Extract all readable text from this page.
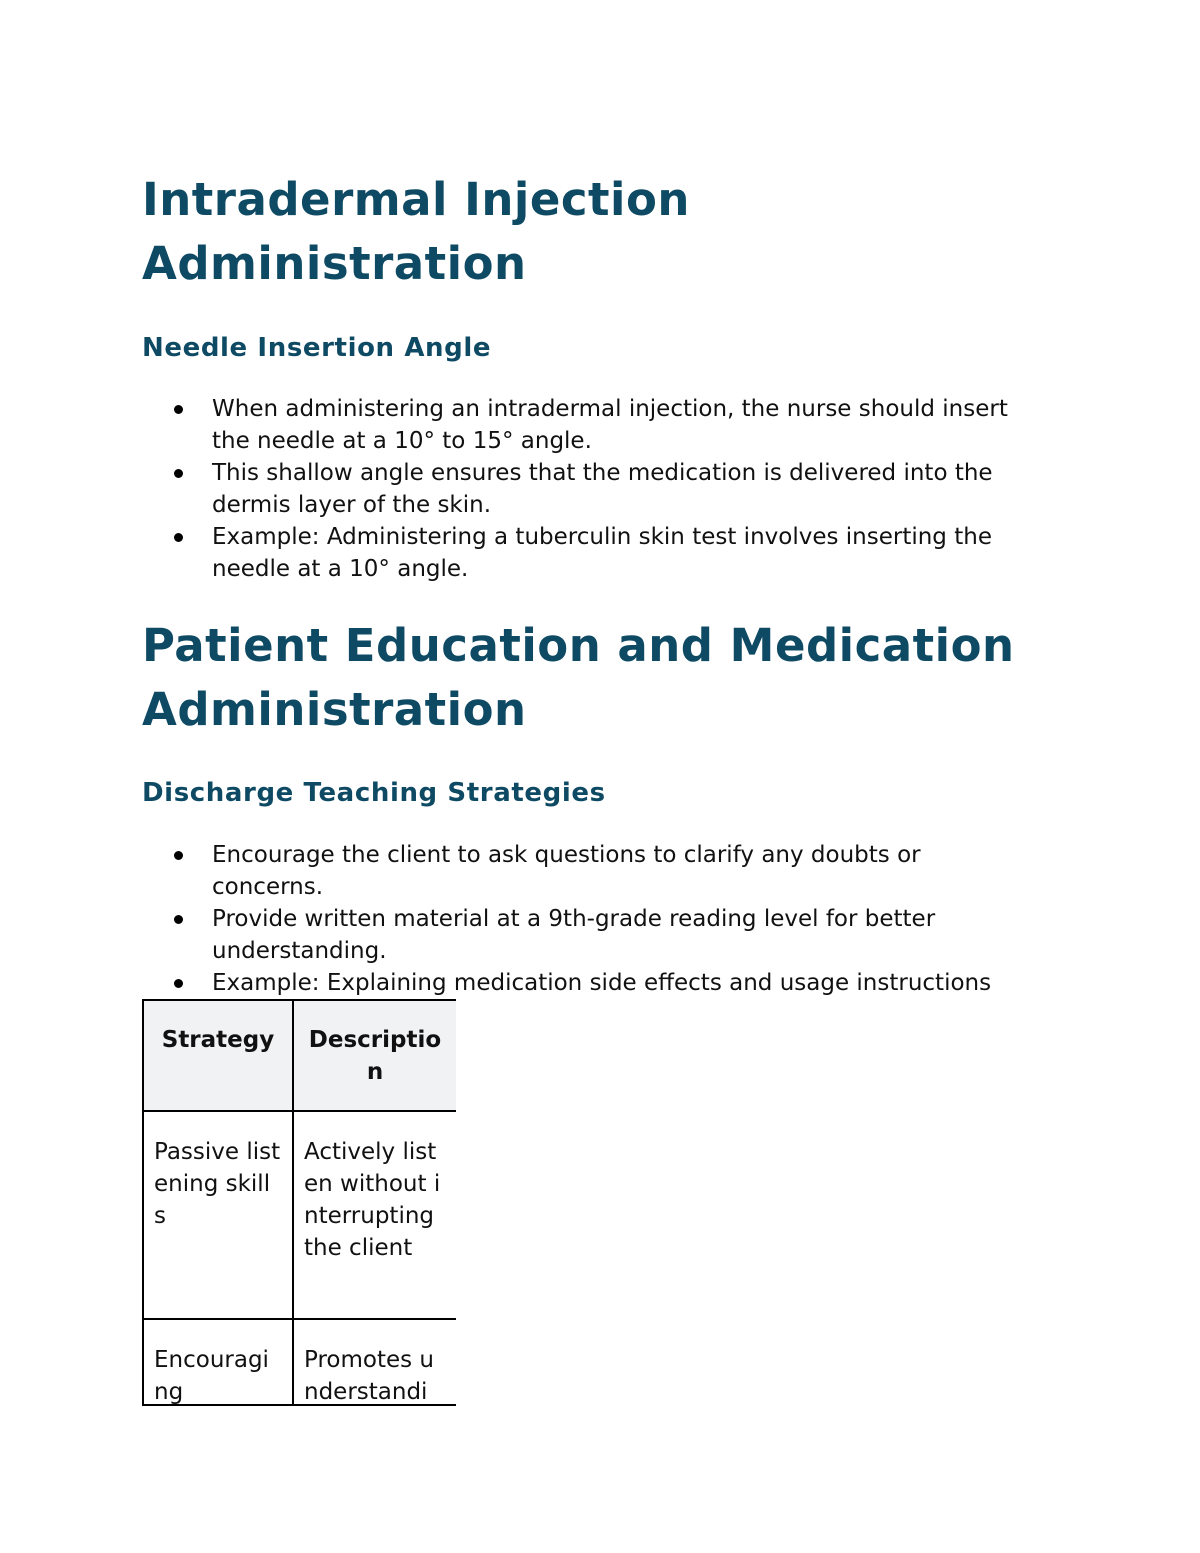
Intradermal Injection Administration
Needle Insertion Angle
When administering an intradermal injection, the nurse should insert the needle at a 10° to 15° angle.
This shallow angle ensures that the medication is delivered into the dermis layer of the skin.
Example: Administering a tuberculin skin test involves inserting the needle at a 10° angle.
Patient Education and Medication Administration
Discharge Teaching Strategies
Encourage the client to ask questions to clarify any doubts or concerns.
Provide written material at a 9th-grade reading level for better understanding.
Example: Explaining medication side effects and usage instructions
Strategy	Description
Passive listening skills	Actively listen without interrupting the client
Encouraging	Promotes understandi
